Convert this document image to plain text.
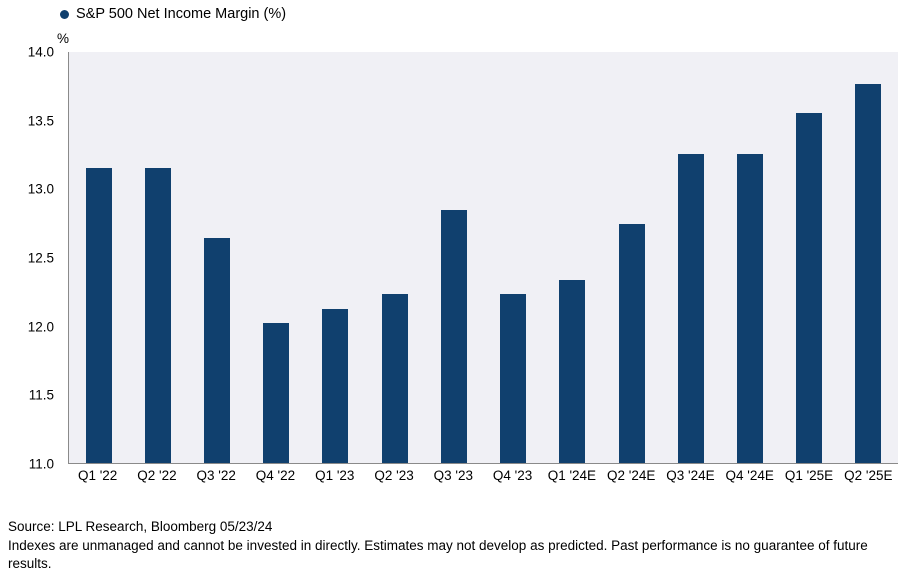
S&P 500 Net Income Margin (%)
%
11.0
11.5
12.0
12.5
13.0
13.5
14.0
Q1 '22	Q2 '22	Q3 '22	Q4 '22	Q1 '23	Q2 '23	Q3 '23	Q4 '23	Q1 '24E Q2 '24E Q3 '24E Q4 '24E Q1 '25E Q2 '25E
Source: LPL Research, Bloomberg 05/23/24
Indexes are unmanaged and cannot be invested in directly. Estimates may not develop as predicted. Past performance is no guarantee of future results.
